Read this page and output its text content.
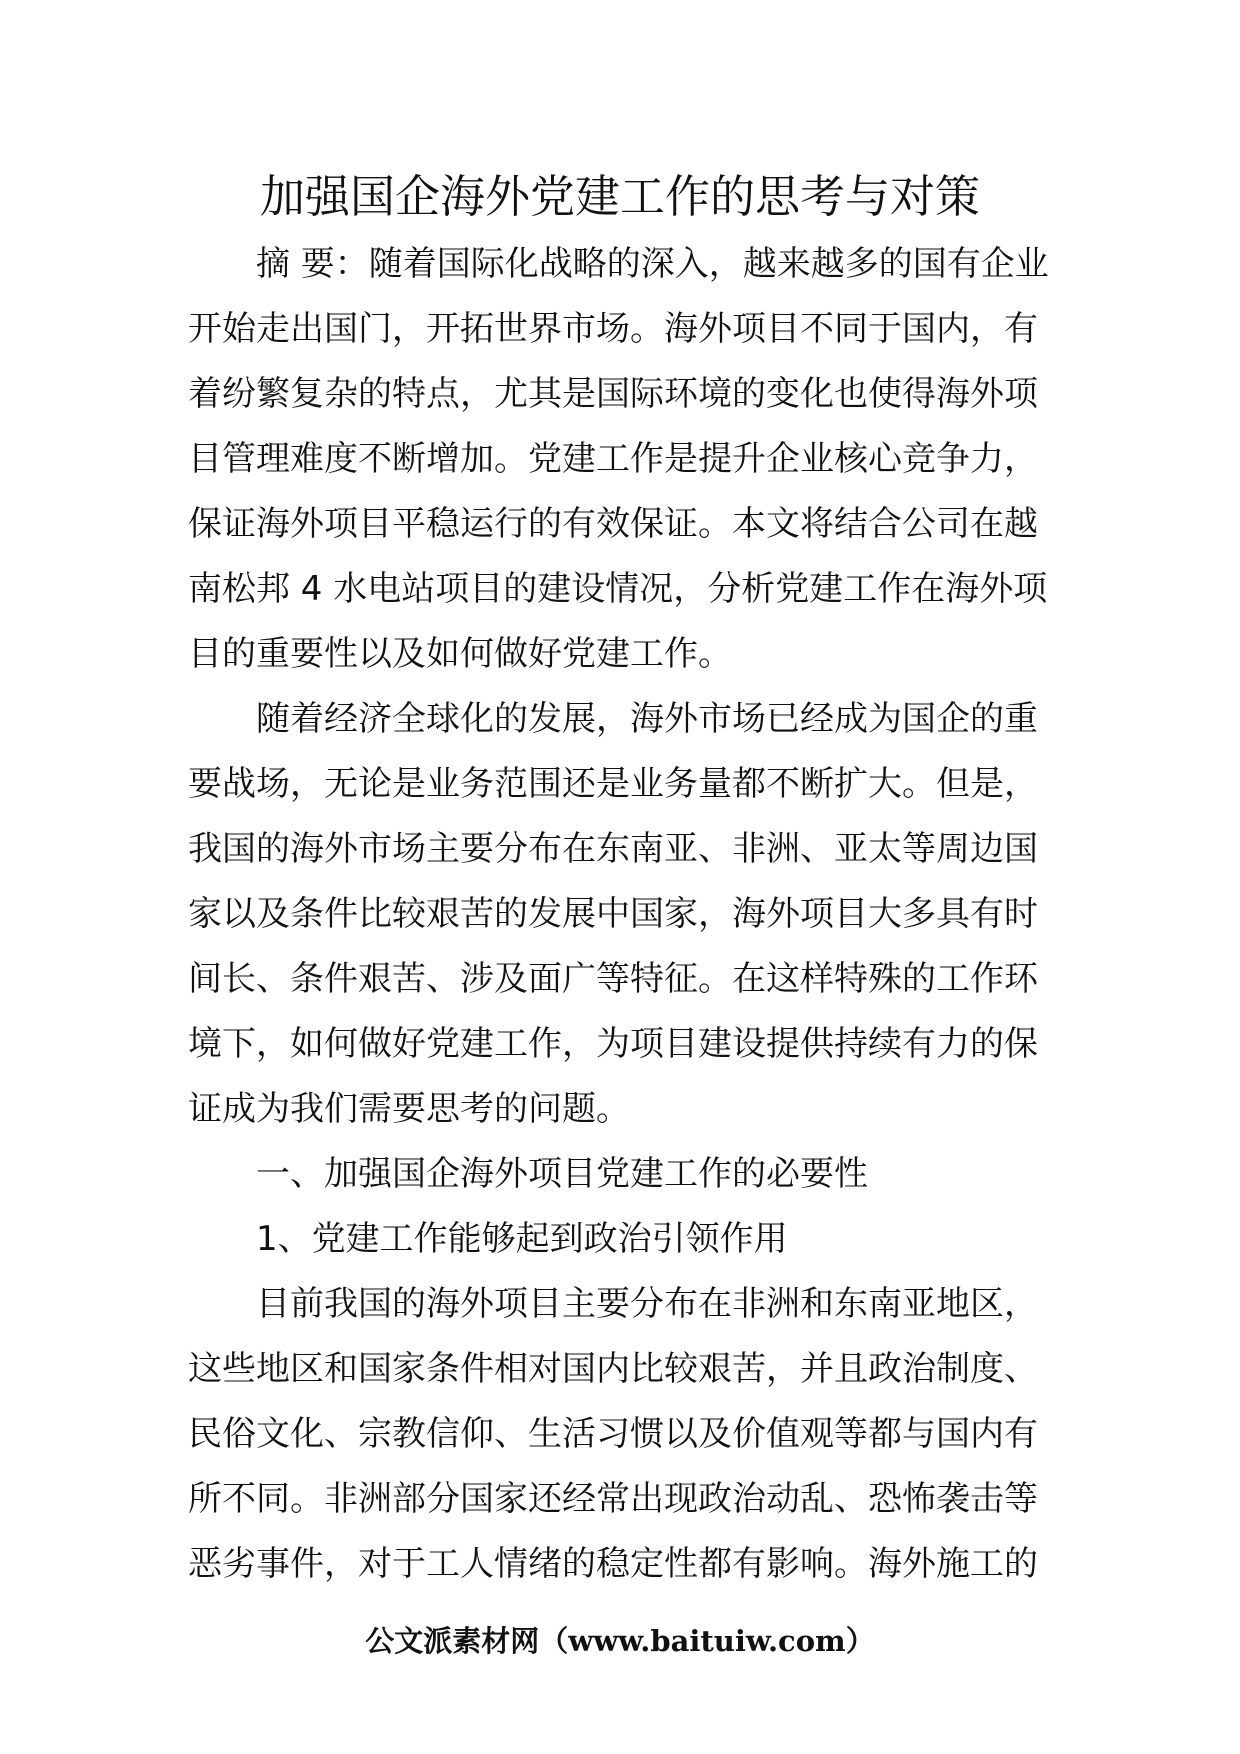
加强国企海外党建工作的思考与对策
摘 要：随着国际化战略的深入，越来越多的国有企业
开始走出国门，开拓世界市场。海外项目不同于国内，有
着纷繁复杂的特点，尤其是国际环境的变化也使得海外项
目管理难度不断增加。党建工作是提升企业核心竞争力，
保证海外项目平稳运行的有效保证。本文将结合公司在越
南松邦 4 水电站项目的建设情况，分析党建工作在海外项
目的重要性以及如何做好党建工作。
随着经济全球化的发展，海外市场已经成为国企的重
要战场，无论是业务范围还是业务量都不断扩大。但是，
我国的海外市场主要分布在东南亚、非洲、亚太等周边国
家以及条件比较艰苦的发展中国家，海外项目大多具有时
间长、条件艰苦、涉及面广等特征。在这样特殊的工作环
境下，如何做好党建工作，为项目建设提供持续有力的保
证成为我们需要思考的问题。
一、加强国企海外项目党建工作的必要性
1、党建工作能够起到政治引领作用
目前我国的海外项目主要分布在非洲和东南亚地区，
这些地区和国家条件相对国内比较艰苦，并且政治制度、
民俗文化、宗教信仰、生活习惯以及价值观等都与国内有
所不同。非洲部分国家还经常出现政治动乱、恐怖袭击等
恶劣事件，对于工人情绪的稳定性都有影响。海外施工的
公文派素材网（www.baituiw.com）
